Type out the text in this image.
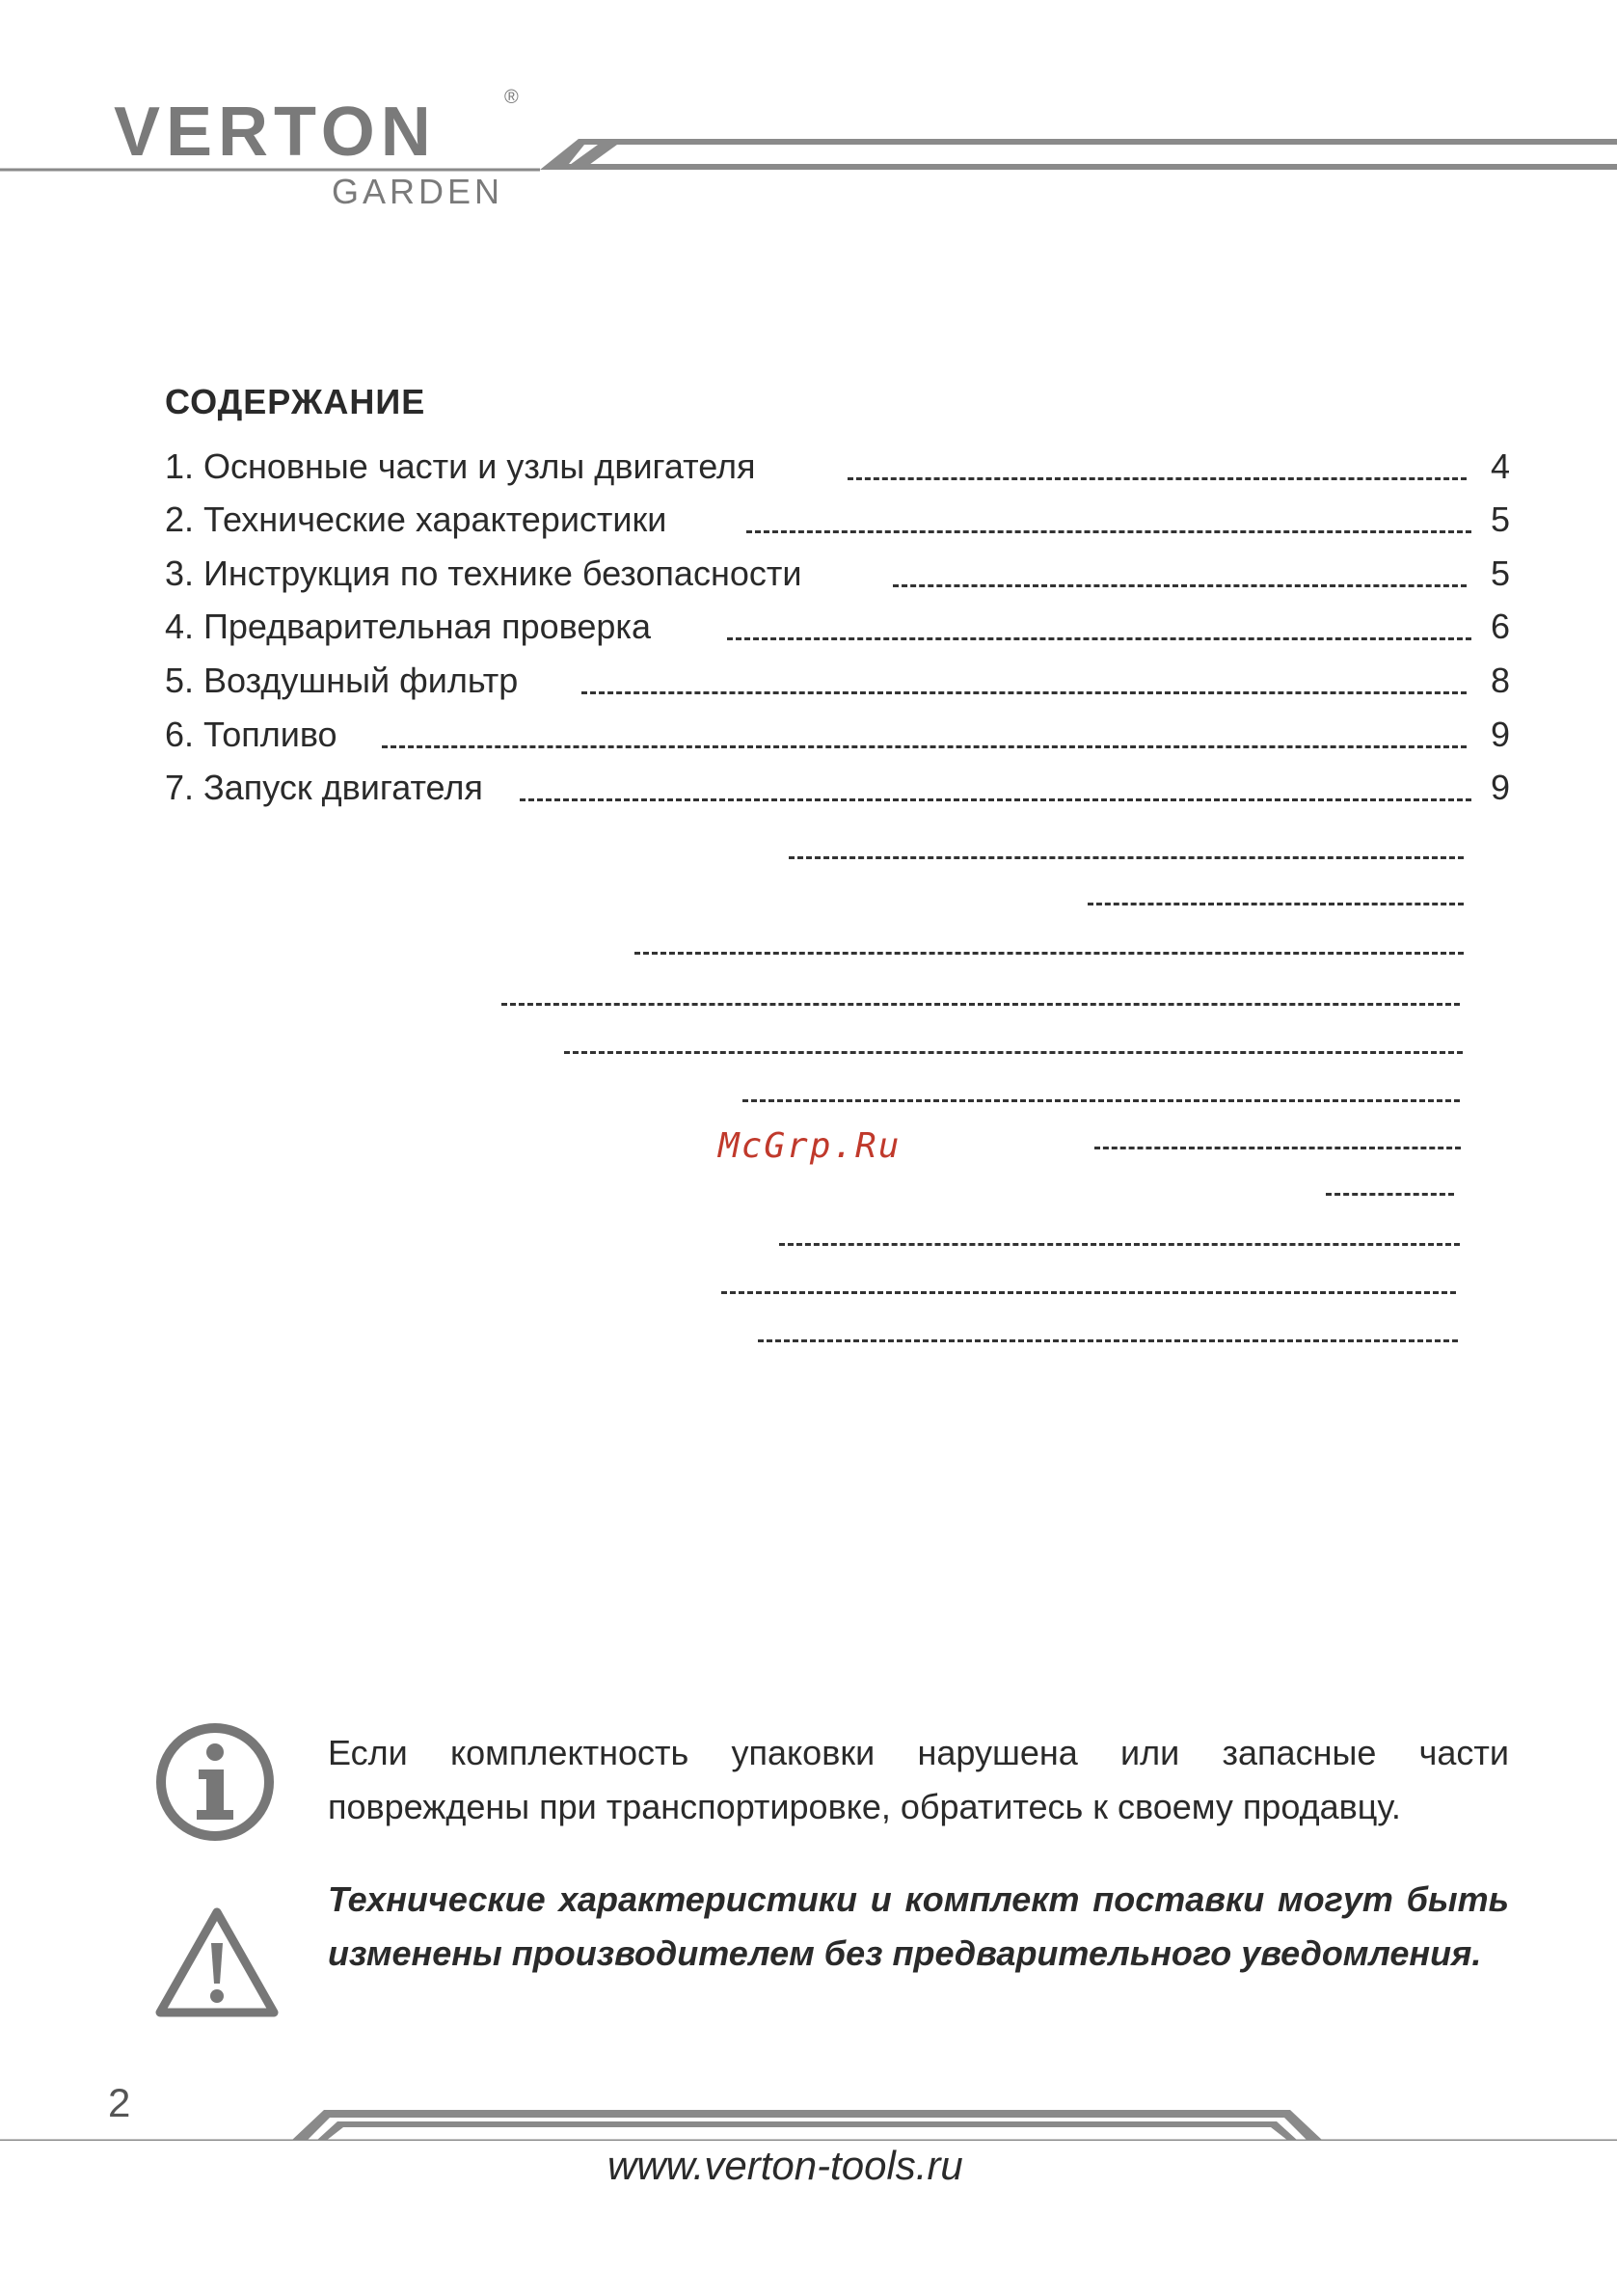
VERTON	®
GARDEN
СОДЕРЖАНИЕ
1. Основные части и узлы двигателя	4
2. Технические характеристики	5
3. Инструкция по технике безопасности	5
4. Предварительная проверка	6
5. Воздушный фильтр	8
6. Топливо	9
7. Запуск двигателя	9
McGrp.Ru
Если комплектность упаковки нарушена или запасные части
повреждены при транспортировке, обратитесь к своему продавцу.
Технические характеристики и комплект поставки могут быть изменены производителем без предварительного уведомления.
2
www.verton-tools.ru
